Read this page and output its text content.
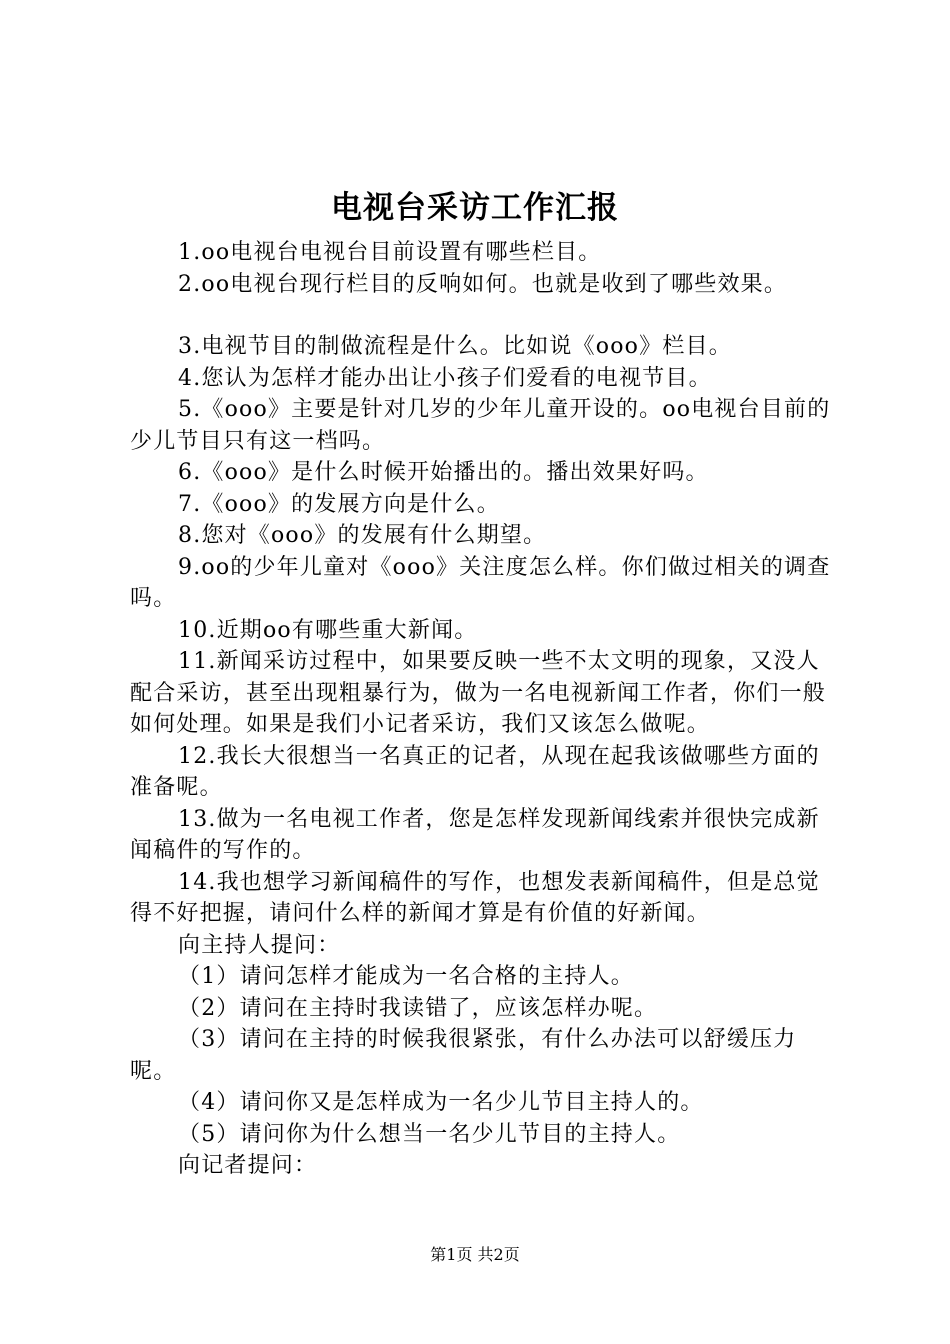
电视台采访工作汇报

1.oo电视台电视台目前设置有哪些栏目。

2.oo电视台现行栏目的反响如何。也就是收到了哪些效果。

3.电视节目的制做流程是什么。比如说《ooo》栏目。

4.您认为怎样才能办出让小孩子们爱看的电视节目。

5.《ooo》主要是针对几岁的少年儿童开设的。oo电视台目前的少儿节目只有这一档吗。

6.《ooo》是什么时候开始播出的。播出效果好吗。

7.《ooo》的发展方向是什么。

8.您对《ooo》的发展有什么期望。

9.oo的少年儿童对《ooo》关注度怎么样。你们做过相关的调查吗。

10.近期oo有哪些重大新闻。

11.新闻采访过程中，如果要反映一些不太文明的现象，又没人配合采访，甚至出现粗暴行为，做为一名电视新闻工作者，你们一般如何处理。如果是我们小记者采访，我们又该怎么做呢。

12.我长大很想当一名真正的记者，从现在起我该做哪些方面的准备呢。

13.做为一名电视工作者，您是怎样发现新闻线索并很快完成新闻稿件的写作的。

14.我也想学习新闻稿件的写作，也想发表新闻稿件，但是总觉得不好把握，请问什么样的新闻才算是有价值的好新闻。

向主持人提问：

（1）请问怎样才能成为一名合格的主持人。

（2）请问在主持时我读错了，应该怎样办呢。

（3）请问在主持的时候我很紧张，有什么办法可以舒缓压力呢。

（4）请问你又是怎样成为一名少儿节目主持人的。

（5）请问你为什么想当一名少儿节目的主持人。

向记者提问：

第1页 共2页
